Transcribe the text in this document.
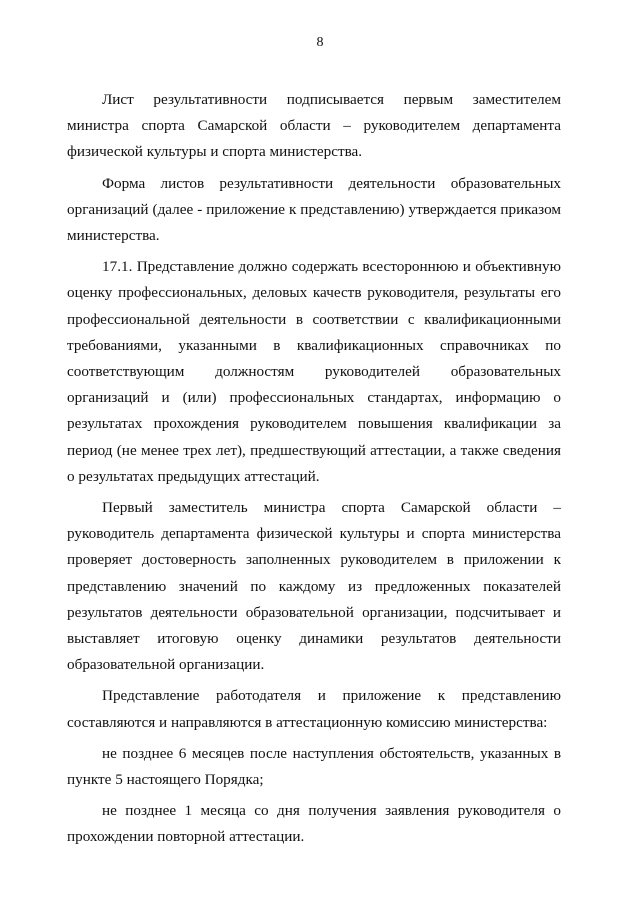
8

Лист результативности подписывается первым заместителем министра спорта Самарской области – руководителем департамента физической культуры и спорта министерства.

Форма листов результативности деятельности образовательных организаций (далее - приложение к представлению) утверждается приказом министерства.

17.1. Представление должно содержать всестороннюю и объективную оценку профессиональных, деловых качеств руководителя, результаты его профессиональной деятельности в соответствии с квалификационными требованиями, указанными в квалификационных справочниках по соответствующим должностям руководителей образовательных организаций и (или) профессиональных стандартах, информацию о результатах прохождения руководителем повышения квалификации за период (не менее трех лет), предшествующий аттестации, а также сведения о результатах предыдущих аттестаций.

Первый заместитель министра спорта Самарской области – руководитель департамента физической культуры и спорта министерства проверяет достоверность заполненных руководителем в приложении к представлению значений по каждому из предложенных показателей результатов деятельности образовательной организации, подсчитывает и выставляет итоговую оценку динамики результатов деятельности образовательной организации.

Представление работодателя и приложение к представлению составляются и направляются в аттестационную комиссию министерства:

не позднее 6 месяцев после наступления обстоятельств, указанных в пункте 5 настоящего Порядка;

не позднее 1 месяца со дня получения заявления руководителя о прохождении повторной аттестации.
